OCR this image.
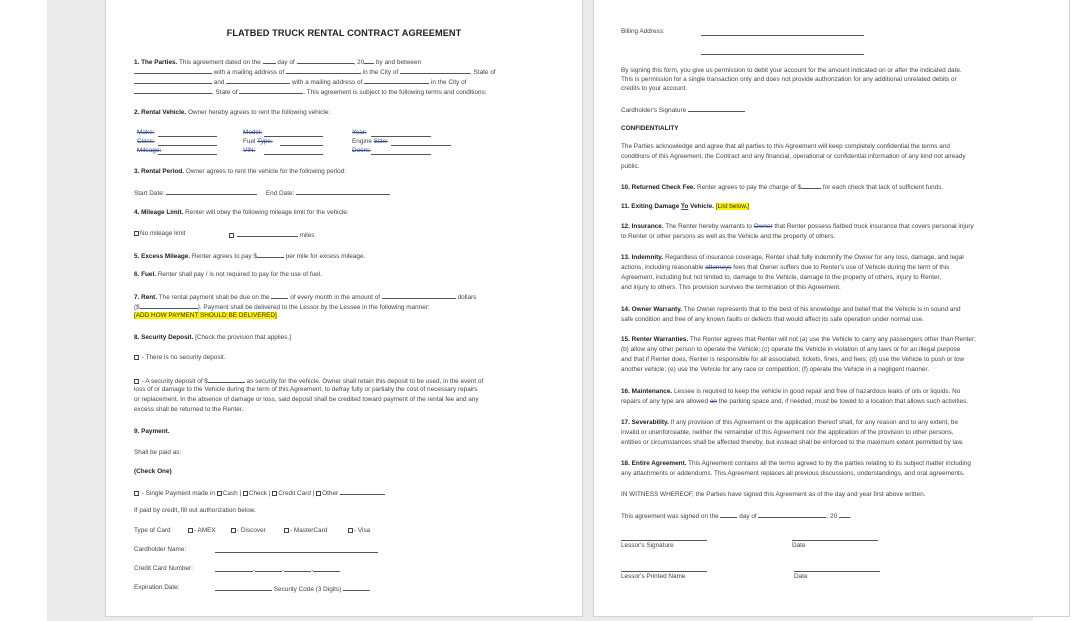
FLATBED TRUCK RENTAL CONTRACT AGREEMENT
1. The Parties. This agreement dated on the	day of	, 20 by and between
with a mailing address of	in the City of	, State of
and	with a mailing address of	in the City of
, State of	. This agreement is subject to the following terms and conditions:
2. Rental Vehicle. Owner hereby agrees to rent the following vehicle:
Make:	Model:	Year:
Class:	Fuel Type:	Engine Size:
Mileage:	VIN:	Doors:
3. Rental Period. Owner agrees to rent the vehicle for the following period:
Start Date:	End Date:
4. Mileage Limit. Renter will obey the following mileage limit for the vehicle:
No mileage limit	miles
5. Excess Mileage. Renter agrees to pay $	per mile for excess mileage.
6. Fuel. Renter shall pay / is not required to pay for the use of fuel.
7. Rent. The rental payment shall be due on the	of every month in the amount of	dollars
($	). Payment shall be delivered to the Lessor by the Lessee in the following manner:
[ADD HOW PAYMENT SHOULD BE DELIVERED]
8. Security Deposit. [Check the provision that applies.]
- There is no security deposit.
- A security deposit of $	as security for the vehicle. Owner shall retain this deposit to be used, in the event of
loss of or damage to the Vehicle during the term of this Agreement, to defray fully or partially the cost of necessary repairs
or replacement. In the absence of damage or loss, said deposit shall be credited toward payment of the rental fee and any
excess shall be returned to the Renter.
9. Payment.
Shall be paid as:
(Check One)
- Single Payment made in Cash | Check | Credit Card | Other
If paid by credit, fill out authorization below.
Type of Card	- AMEX	- Discover	- MasterCard	- Visa
Cardholder Name:
Credit Card Number:	-	-	-
Expiration Date:	Security Code (3 Digits)
Billing Address:
By signing this form, you give us permission to debit your account for the amount indicated on or after the indicated date.
This is permission for a single transaction only and does not provide authorization for any additional unrelated debits or
credits to your account.
Cardholder's Signature
CONFIDENTIALITY
The Parties acknowledge and agree that all parties to this Agreement will keep completely confidential the terms and
conditions of this Agreement, the Contract and any financial, operational or confidential information of any kind not already
public.
10. Returned Check Fee. Renter agrees to pay the charge of $	for each check that lack of sufficient funds.
11. Exiting Damage To Vehicle. [List below.]
12. Insurance. The Renter hereby warrants to Owner that Renter possess flatbed truck insurance that covers personal injury
to Renter or other persons as well as the Vehicle and the property of others.
13. Indemnity. Regardless of insurance coverage, Renter shall fully indemnify the Owner for any loss, damage, and legal
actions, including reasonable attorneys fees that Owner suffers due to Renter's use of Vehicle during the term of this
Agreement, including but not limited to, damage to the Vehicle, damage to the property of others, injury to Renter,
and injury to others. This provision survives the termination of this Agreement.
14. Owner Warranty. The Owner represents that to the best of his knowledge and belief that the Vehicle is in sound and
safe condition and free of any known faults or defects that would affect its safe operation under normal use.
15. Renter Warranties. The Renter agrees that Renter will not (a) use the Vehicle to carry any passengers other than Renter;
(b) allow any other person to operate the Vehicle; (c) operate the Vehicle in violation of any laws or for an illegal purpose
and that if Renter does, Renter is responsible for all associated, tickets, fines, and fees; (d) use the Vehicle to push or tow
another vehicle; (e) use the Vehicle for any race or competition; (f) operate the Vehicle in a negligent manner.
16. Maintenance. Lessee is required to keep the vehicle in good repair and free of hazardous leaks of oils or liquids. No
repairs of any type are allowed on the parking space and, if needed, must be towed to a location that allows such activities.
17. Severability. If any provision of this Agreement or the application thereof shall, for any reason and to any extent, be
invalid or unenforceable, neither the remainder of this Agreement nor the application of the provision to other persons,
entities or circumstances shall be affected thereby, but instead shall be enforced to the maximum extent permitted by law.
18. Entire Agreement. This Agreement contains all the terms agreed to by the parties relating to its subject matter including
any attachments or addendums. This Agreement replaces all previous discussions, understandings, and oral agreements.
IN WITNESS WHEREOF, the Parties have signed this Agreement as of the day and year first above written.
This agreement was signed on the	day of	, 20 .
Lessor's Signature	Date
Lessor's Printed Name	Date
